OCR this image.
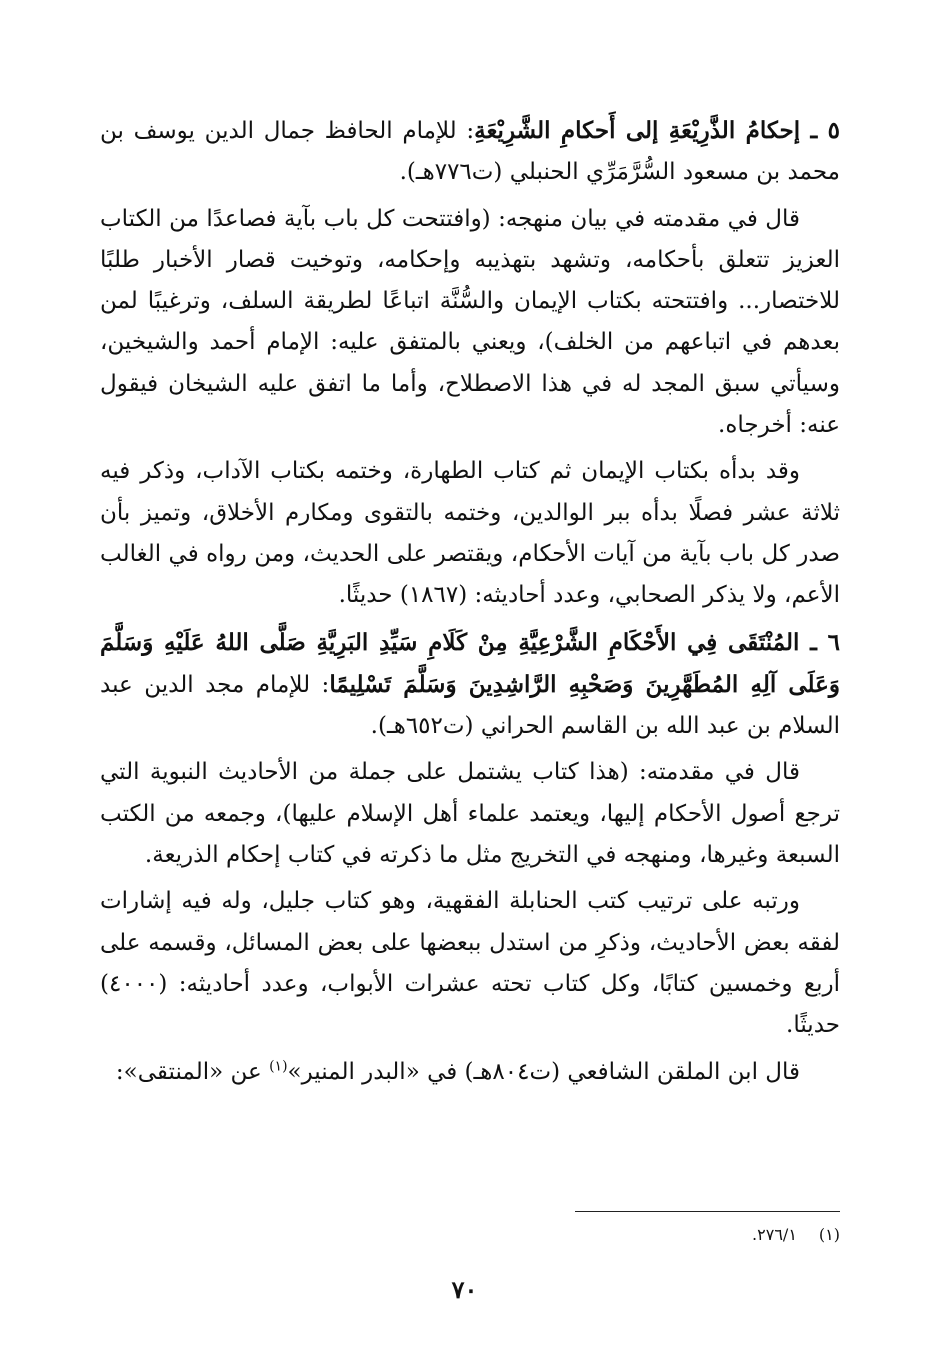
٥ ـ إحكامُ الذَّرِيْعَةِ إلى أَحكامِ الشَّرِيْعَةِ: للإمام الحافظ جمال الدين يوسف بن محمد بن مسعود السُّرَّمَرِّي الحنبلي (ت٧٧٦هـ).

قال في مقدمته في بيان منهجه: (وافتتحت كل باب بآية فصاعدًا من الكتاب العزيز تتعلق بأحكامه، وتشهد بتهذيبه وإحكامه، وتوخيت قصار الأخبار طلبًا للاختصار... وافتتحته بكتاب الإيمان والسُّنَّة اتباعًا لطريقة السلف، وترغيبًا لمن بعدهم في اتباعهم من الخلف)، ويعني بالمتفق عليه: الإمام أحمد والشيخين، وسيأتي سبق المجد له في هذا الاصطلاح، وأما ما اتفق عليه الشيخان فيقول عنه: أخرجاه.

وقد بدأه بكتاب الإيمان ثم كتاب الطهارة، وختمه بكتاب الآداب، وذكر فيه ثلاثة عشر فصلًا بدأه ببر الوالدين، وختمه بالتقوى ومكارم الأخلاق، وتميز بأن صدر كل باب بآية من آيات الأحكام، ويقتصر على الحديث، ومن رواه في الغالب الأعم، ولا يذكر الصحابي، وعدد أحاديثه: (١٨٦٧) حديثًا.

٦ ـ المُنْتَقَى فِي الأَحْكَامِ الشَّرْعِيَّةِ مِنْ كَلَامِ سَيِّدِ البَرِيَّةِ صَلَّى اللهُ عَلَيْهِ وَسَلَّمَ وَعَلَى آلِهِ المُطَهَّرِينَ وَصَحْبِهِ الرَّاشِدِينَ وَسَلَّمَ تَسْلِيمًا: للإمام مجد الدين عبد السلام بن عبد الله بن القاسم الحراني (ت٦٥٢هـ).

قال في مقدمته: (هذا كتاب يشتمل على جملة من الأحاديث النبوية التي ترجع أصول الأحكام إليها، ويعتمد علماء أهل الإسلام عليها)، وجمعه من الكتب السبعة وغيرها، ومنهجه في التخريج مثل ما ذكرته في كتاب إحكام الذريعة.

ورتبه على ترتيب كتب الحنابلة الفقهية، وهو كتاب جليل، وله فيه إشارات لفقه بعض الأحاديث، وذكرِ من استدل ببعضها على بعض المسائل، وقسمه على أربع وخمسين كتابًا، وكل كتاب تحته عشرات الأبواب، وعدد أحاديثه: (٤٠٠٠) حديثًا.

قال ابن الملقن الشافعي (ت٨٠٤هـ) في «البدر المنير»$^{(١)}$ عن «المنتقى»:

(١)٢٧٦/١.
٧٠
